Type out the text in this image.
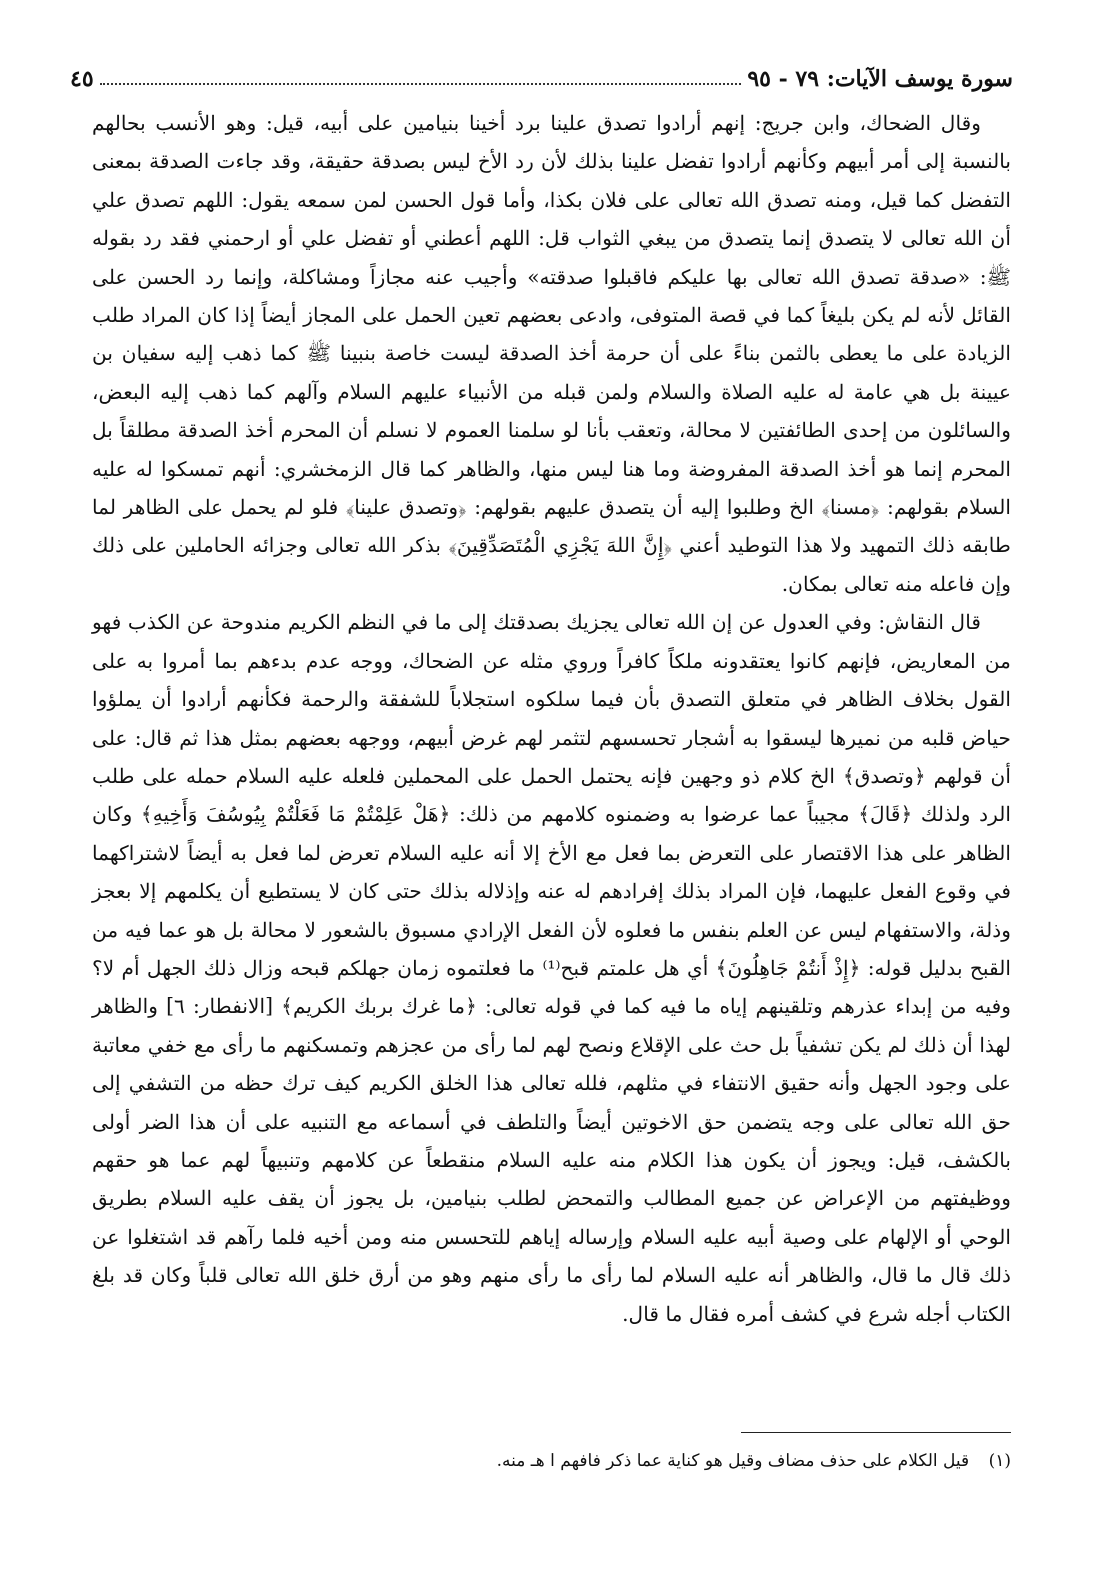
سورة يوسف الآيات: ٧٩ - ٩٥
٤٥

وقال الضحاك، وابن جريج: إنهم أرادوا تصدق علينا برد أخينا بنيامين على أبيه، قيل: وهو الأنسب بحالهم بالنسبة إلى أمر أبيهم وكأنهم أرادوا تفضل علينا بذلك لأن رد الأخ ليس بصدقة حقيقة، وقد جاءت الصدقة بمعنى التفضل كما قيل، ومنه تصدق الله تعالى على فلان بكذا، وأما قول الحسن لمن سمعه يقول: اللهم تصدق علي أن الله تعالى لا يتصدق إنما يتصدق من يبغي الثواب قل: اللهم أعطني أو تفضل علي أو ارحمني فقد رد بقوله ﷺ: «صدقة تصدق الله تعالى بها عليكم فاقبلوا صدقته» وأجيب عنه مجازاً ومشاكلة، وإنما رد الحسن على القائل لأنه لم يكن بليغاً كما في قصة المتوفى، وادعى بعضهم تعين الحمل على المجاز أيضاً إذا كان المراد طلب الزيادة على ما يعطى بالثمن بناءً على أن حرمة أخذ الصدقة ليست خاصة بنبينا ﷺ كما ذهب إليه سفيان بن عيينة بل هي عامة له عليه الصلاة والسلام ولمن قبله من الأنبياء عليهم السلام وآلهم كما ذهب إليه البعض، والسائلون من إحدى الطائفتين لا محالة، وتعقب بأنا لو سلمنا العموم لا نسلم أن المحرم أخذ الصدقة مطلقاً بل المحرم إنما هو أخذ الصدقة المفروضة وما هنا ليس منها، والظاهر كما قال الزمخشري: أنهم تمسكوا له عليه السلام بقولهم: ﴿مسنا﴾ الخ وطلبوا إليه أن يتصدق عليهم بقولهم: ﴿وتصدق علينا﴾ فلو لم يحمل على الظاهر لما طابقه ذلك التمهيد ولا هذا التوطيد أعني ﴿إِنَّ اللهَ يَجْزِي الْمُتَصَدِّقِينَ﴾ بذكر الله تعالى وجزائه الحاملين على ذلك وإن فاعله منه تعالى بمكان.

قال النقاش: وفي العدول عن إن الله تعالى يجزيك بصدقتك إلى ما في النظم الكريم مندوحة عن الكذب فهو من المعاريض، فإنهم كانوا يعتقدونه ملكاً كافراً وروي مثله عن الضحاك، ووجه عدم بدءهم بما أمروا به على القول بخلاف الظاهر في متعلق التصدق بأن فيما سلكوه استجلاباً للشفقة والرحمة فكأنهم أرادوا أن يملؤوا حياض قلبه من نميرها ليسقوا به أشجار تحسسهم لتثمر لهم غرض أبيهم، ووجهه بعضهم بمثل هذا ثم قال: على أن قولهم ﴿وتصدق﴾ الخ كلام ذو وجهين فإنه يحتمل الحمل على المحملين فلعله عليه السلام حمله على طلب الرد ولذلك ﴿قَالَ﴾ مجيباً عما عرضوا به وضمنوه كلامهم من ذلك: ﴿هَلْ عَلِمْتُمْ مَا فَعَلْتُمْ بِيُوسُفَ وَأَخِيهِ﴾ وكان الظاهر على هذا الاقتصار على التعرض بما فعل مع الأخ إلا أنه عليه السلام تعرض لما فعل به أيضاً لاشتراكهما في وقوع الفعل عليهما، فإن المراد بذلك إفرادهم له عنه وإذلاله بذلك حتى كان لا يستطيع أن يكلمهم إلا بعجز وذلة، والاستفهام ليس عن العلم بنفس ما فعلوه لأن الفعل الإرادي مسبوق بالشعور لا محالة بل هو عما فيه من القبح بدليل قوله: ﴿إِذْ أَنتُمْ جَاهِلُونَ﴾ أي هل علمتم قبح⁽¹⁾ ما فعلتموه زمان جهلكم قبحه وزال ذلك الجهل أم لا؟ وفيه من إبداء عذرهم وتلقينهم إياه ما فيه كما في قوله تعالى: ﴿ما غرك بربك الكريم﴾ [الانفطار: ٦] والظاهر لهذا أن ذلك لم يكن تشفياً بل حث على الإقلاع ونصح لهم لما رأى من عجزهم وتمسكنهم ما رأى مع خفي معاتبة على وجود الجهل وأنه حقيق الانتفاء في مثلهم، فلله تعالى هذا الخلق الكريم كيف ترك حظه من التشفي إلى حق الله تعالى على وجه يتضمن حق الاخوتين أيضاً والتلطف في أسماعه مع التنبيه على أن هذا الضر أولى بالكشف، قيل: ويجوز أن يكون هذا الكلام منه عليه السلام منقطعاً عن كلامهم وتنبيهاً لهم عما هو حقهم ووظيفتهم من الإعراض عن جميع المطالب والتمحض لطلب بنيامين، بل يجوز أن يقف عليه السلام بطريق الوحي أو الإلهام على وصية أبيه عليه السلام وإرساله إياهم للتحسس منه ومن أخيه فلما رآهم قد اشتغلوا عن ذلك قال ما قال، والظاهر أنه عليه السلام لما رأى ما رأى منهم وهو من أرق خلق الله تعالى قلباً وكان قد بلغ الكتاب أجله شرع في كشف أمره فقال ما قال.

(١) قيل الكلام على حذف مضاف وقيل هو كناية عما ذكر فافهم ا هـ منه.
